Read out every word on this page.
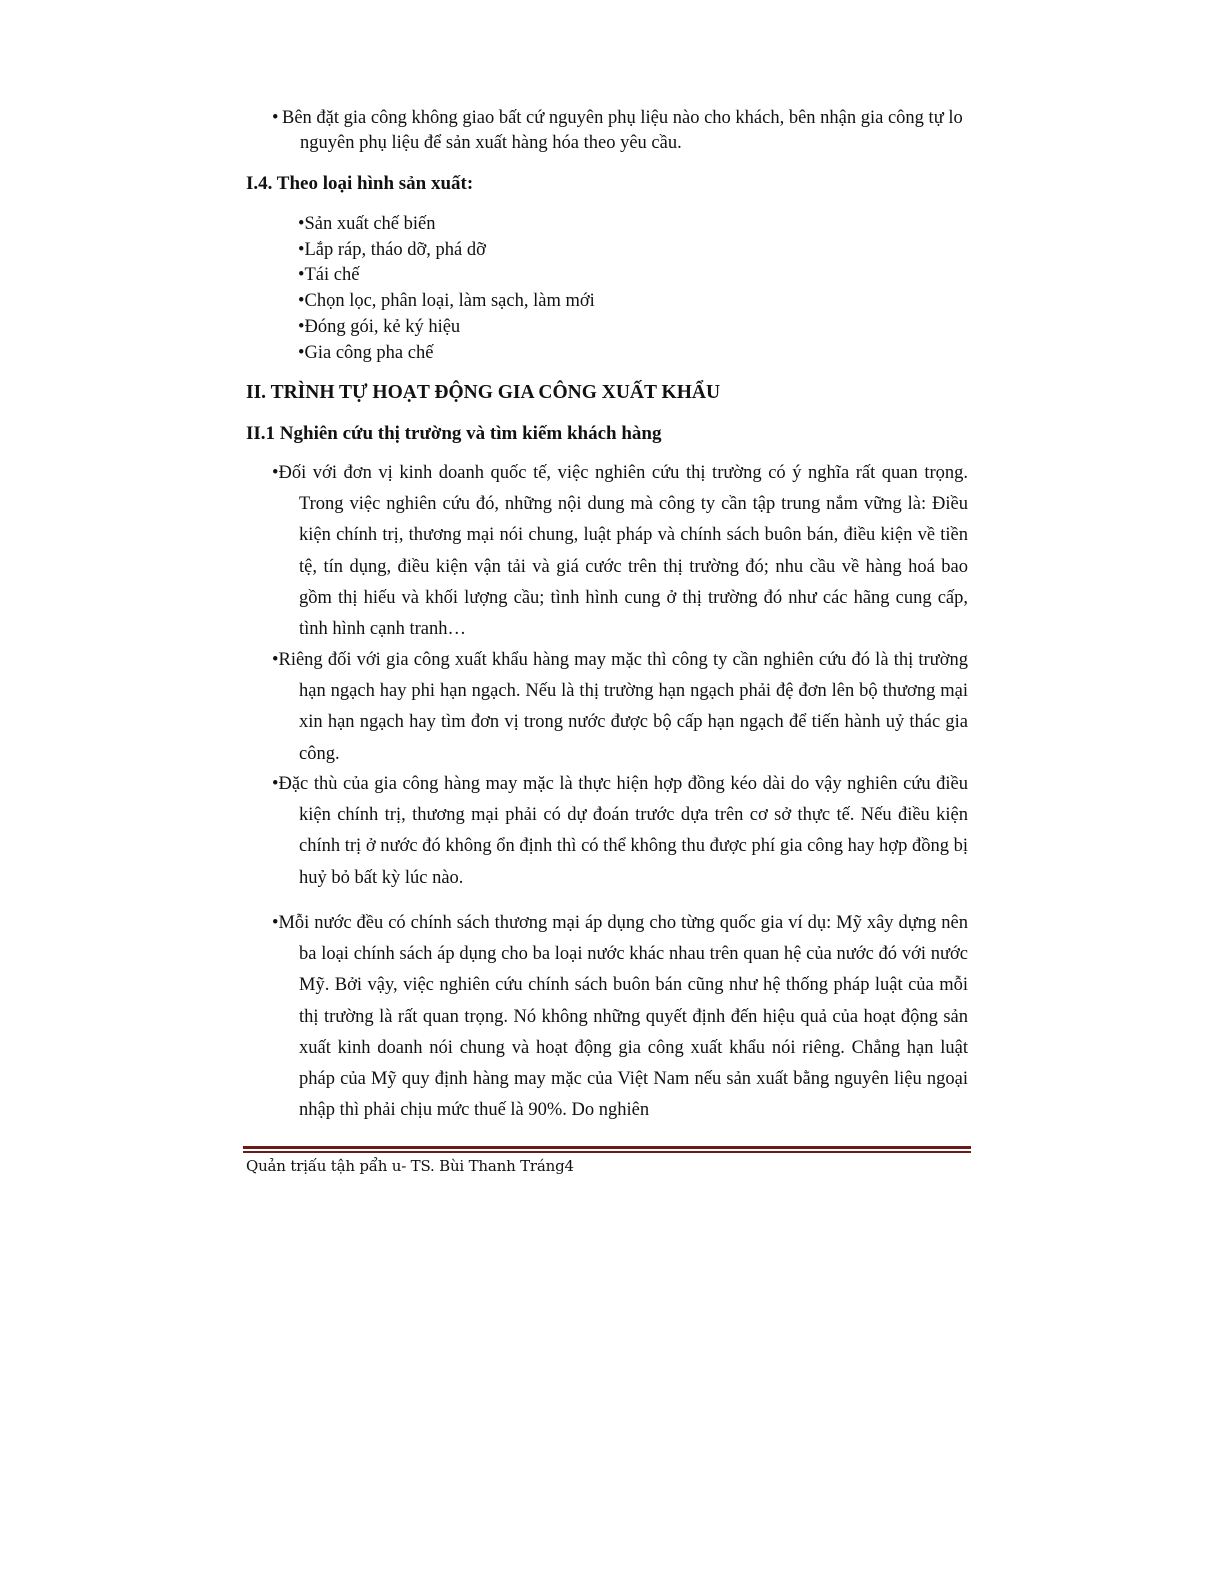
• Bên đặt gia công không giao bất cứ nguyên phụ liệu nào cho khách, bên nhận gia công tự lo nguyên phụ liệu để sản xuất hàng hóa theo yêu cầu.

I.4. Theo loại hình sản xuất:
•Sản xuất chế biến
•Lắp ráp, tháo dỡ, phá dỡ
•Tái chế
•Chọn lọc, phân loại, làm sạch, làm mới
•Đóng gói, kẻ ký hiệu
•Gia công pha chế
II. TRÌNH TỰ HOẠT ĐỘNG GIA CÔNG XUẤT KHẨU
II.1 Nghiên cứu thị trường và tìm kiếm khách hàng

•Đối với đơn vị kinh doanh quốc tế, việc nghiên cứu thị trường có ý nghĩa rất quan trọng. Trong việc nghiên cứu đó, những nội dung mà công ty cần tập trung nắm vững là: Điều kiện chính trị, thương mại nói chung, luật pháp và chính sách buôn bán, điều kiện về tiền tệ, tín dụng, điều kiện vận tải và giá cước trên thị trường đó; nhu cầu về hàng hoá bao gồm thị hiếu và khối lượng cầu; tình hình cung ở thị trường đó như các hãng cung cấp, tình hình cạnh tranh…

•Riêng đối với gia công xuất khẩu hàng may mặc thì công ty cần nghiên cứu đó là thị trường hạn ngạch hay phi hạn ngạch. Nếu là thị trường hạn ngạch phải đệ đơn lên bộ thương mại xin hạn ngạch hay tìm đơn vị trong nước được bộ cấp hạn ngạch để tiến hành uỷ thác gia công.

•Đặc thù của gia công hàng may mặc là thực hiện hợp đồng kéo dài do vậy nghiên cứu điều kiện chính trị, thương mại phải có dự đoán trước dựa trên cơ sở thực tế. Nếu điều kiện chính trị ở nước đó không ổn định thì có thể không thu được phí gia công hay hợp đồng bị huỷ bỏ bất kỳ lúc nào.

•Mỗi nước đều có chính sách thương mại áp dụng cho từng quốc gia ví dụ: Mỹ xây dựng nên ba loại chính sách áp dụng cho ba loại nước khác nhau trên quan hệ của nước đó với nước Mỹ. Bởi vậy, việc nghiên cứu chính sách buôn bán cũng như hệ thống pháp luật của mỗi thị trường là rất quan trọng. Nó không những quyết định đến hiệu quả của hoạt động sản xuất kinh doanh nói chung và hoạt động gia công xuất khẩu nói riêng. Chẳng hạn luật pháp của Mỹ quy định hàng may mặc của Việt Nam nếu sản xuất bằng nguyên liệu ngoại nhập thì phải chịu mức thuế là 90%. Do nghiên

Quản trịấu tậh pẩh u- TS. Bùi Thanh Tráng4
